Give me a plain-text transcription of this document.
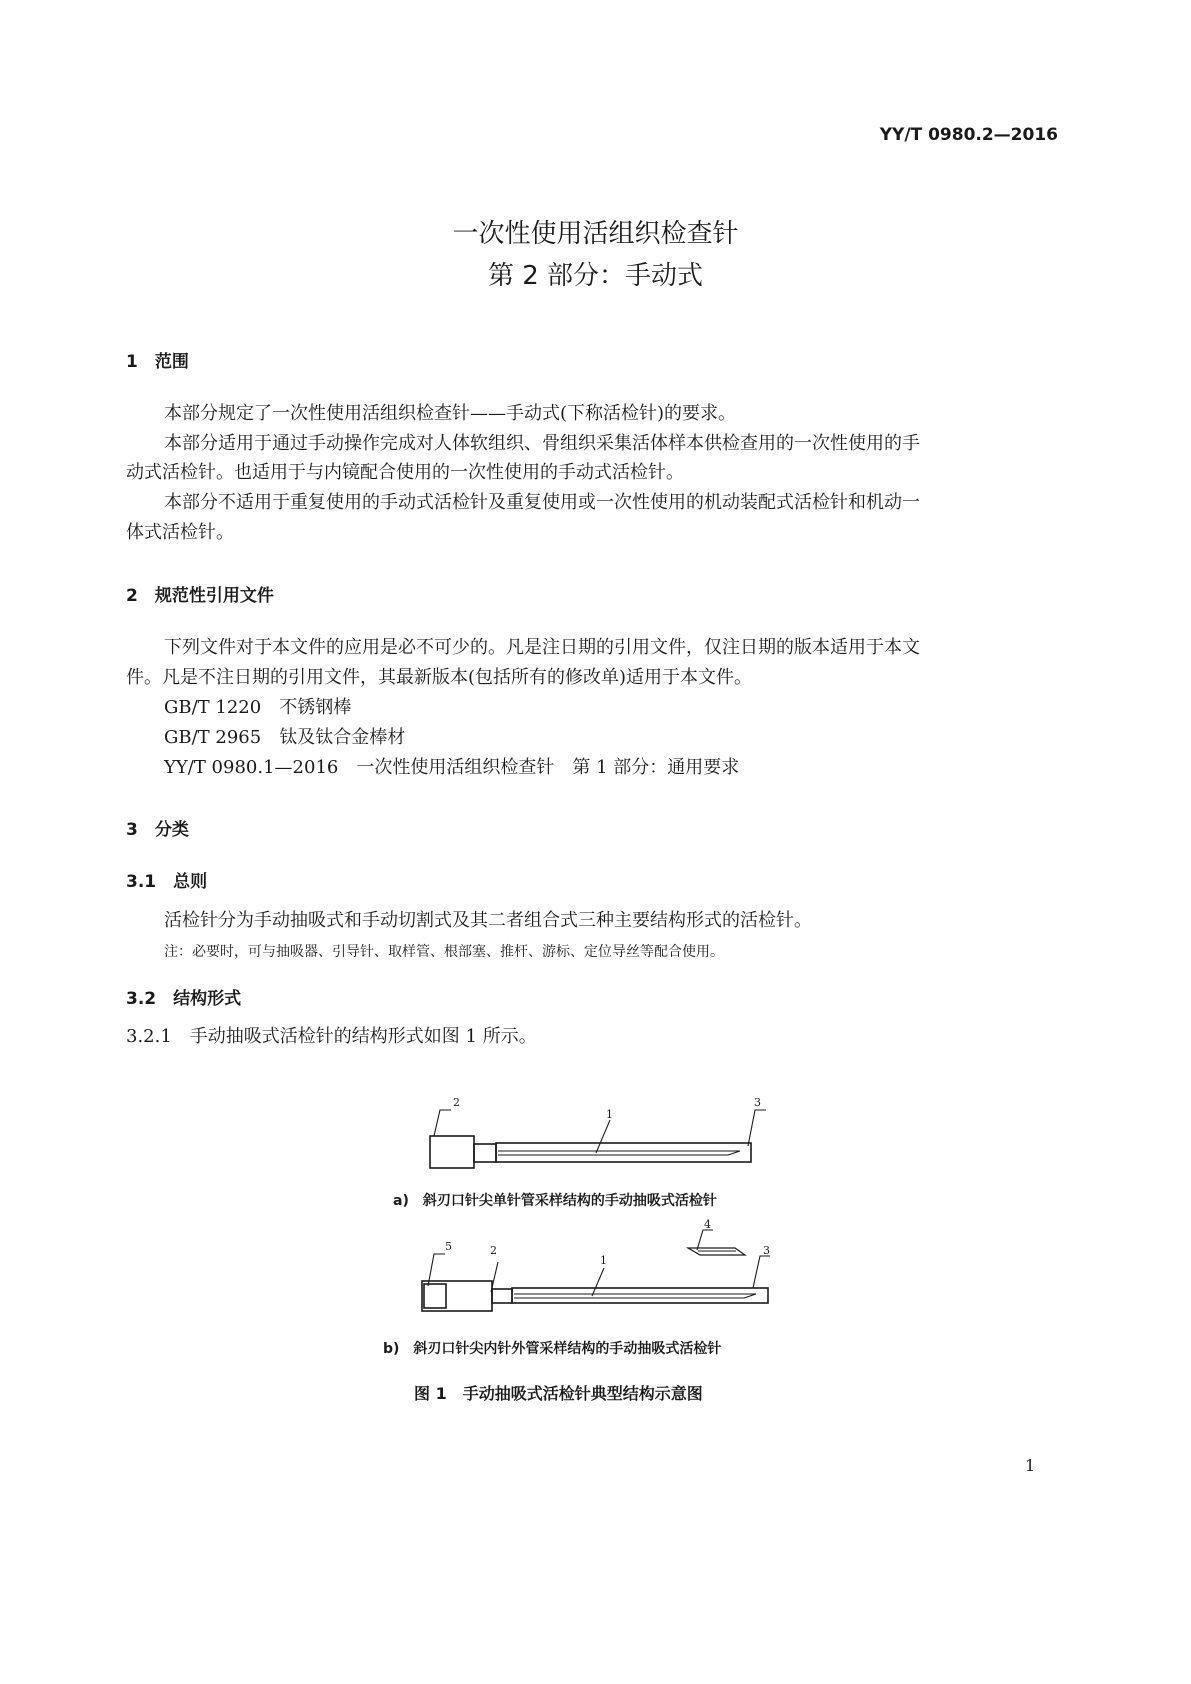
YY/T 0980.2—2016
一次性使用活组织检查针
第 2 部分：手动式
1　范围
本部分规定了一次性使用活组织检查针——手动式(下称活检针)的要求。
本部分适用于通过手动操作完成对人体软组织、骨组织采集活体样本供检查用的一次性使用的手
动式活检针。也适用于与内镜配合使用的一次性使用的手动式活检针。
本部分不适用于重复使用的手动式活检针及重复使用或一次性使用的机动装配式活检针和机动一
体式活检针。
2　规范性引用文件
下列文件对于本文件的应用是必不可少的。凡是注日期的引用文件，仅注日期的版本适用于本文
件。凡是不注日期的引用文件，其最新版本(包括所有的修改单)适用于本文件。
GB/T 1220　不锈钢棒
GB/T 2965　钛及钛合金棒材
YY/T 0980.1—2016　一次性使用活组织检查针　第 1 部分：通用要求
3　分类
3.1　总则
活检针分为手动抽吸式和手动切割式及其二者组合式三种主要结构形式的活检针。
注：必要时，可与抽吸器、引导针、取样管、根部塞、推杆、游标、定位导丝等配合使用。
3.2　结构形式
3.2.1　手动抽吸式活检针的结构形式如图 1 所示。
2
1
3
a)　斜刃口针尖单针管采样结构的手动抽吸式活检针
5	2
1
4
3
b)　斜刃口针尖内针外管采样结构的手动抽吸式活检针
图 1　手动抽吸式活检针典型结构示意图
1
